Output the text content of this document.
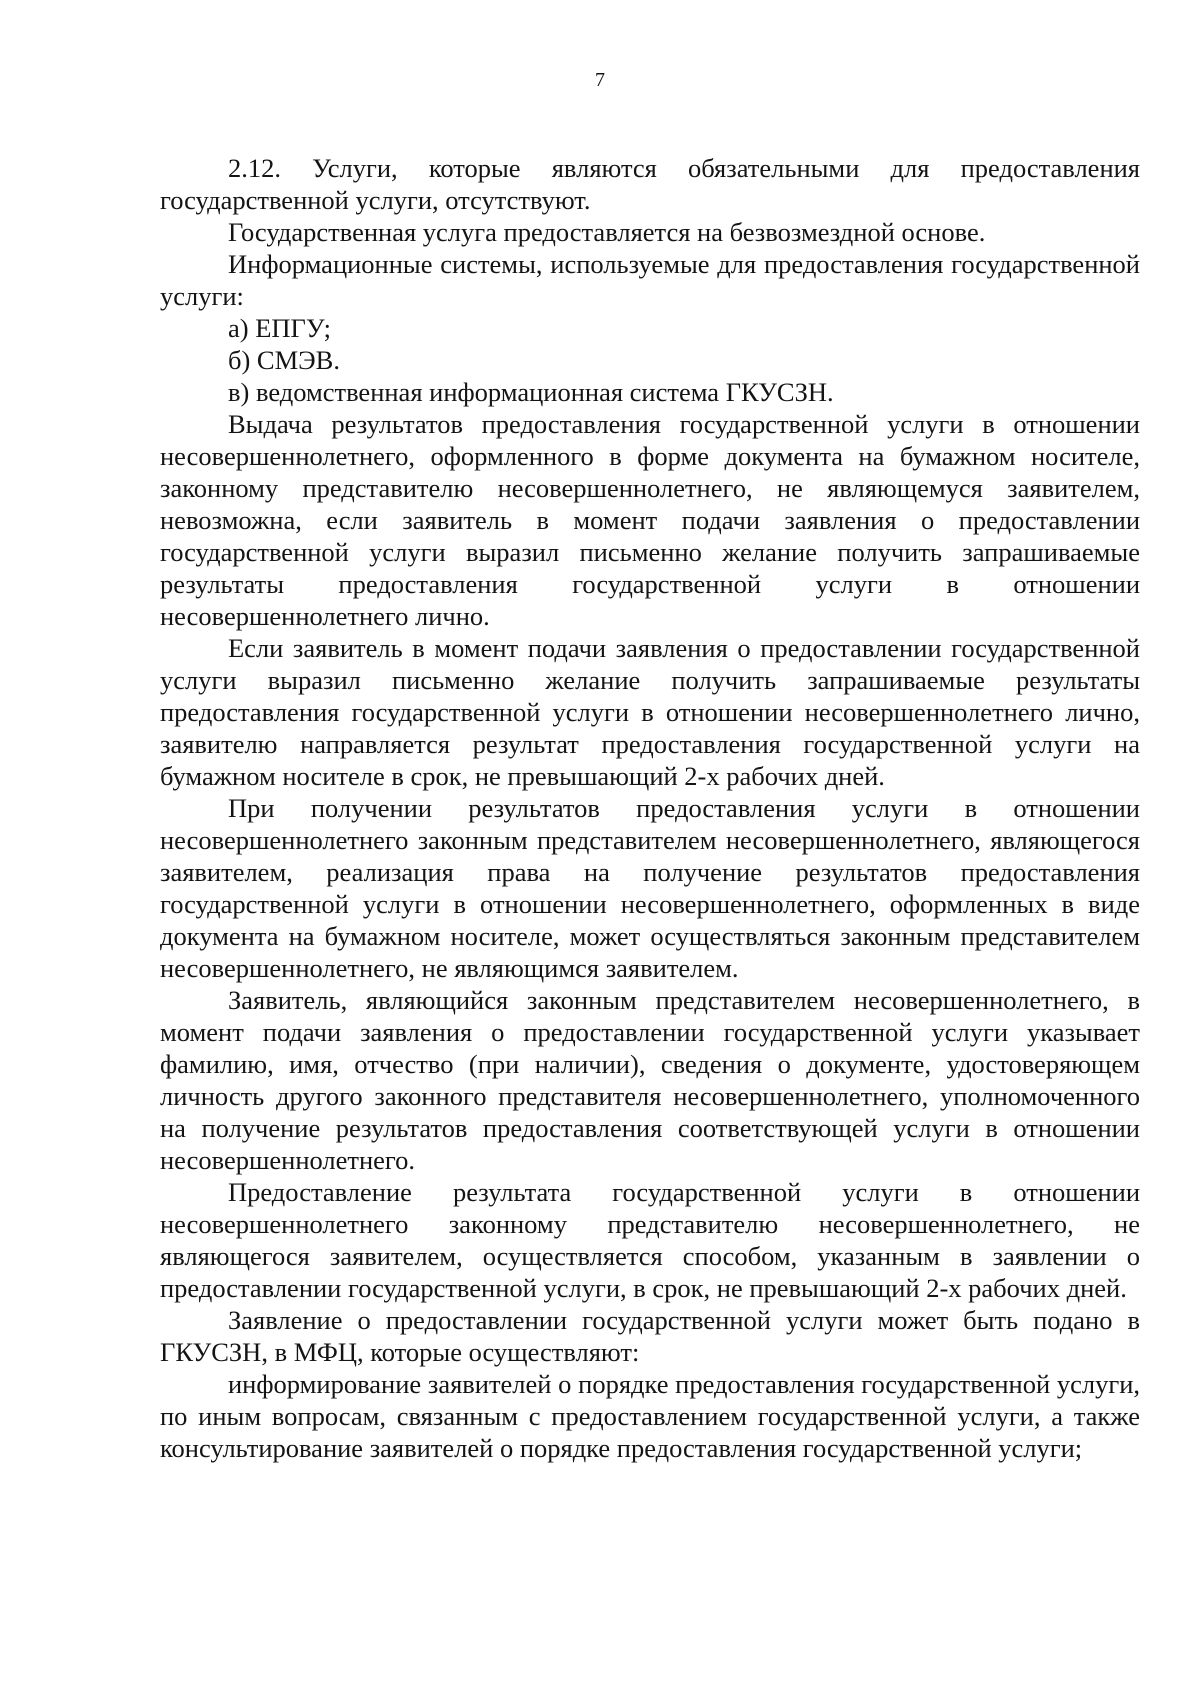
7

2.12. Услуги, которые являются обязательными для предоставления государственной услуги, отсутствуют.

Государственная услуга предоставляется на безвозмездной основе.

Информационные системы, используемые для предоставления государственной услуги:

а) ЕПГУ;

б) СМЭВ.

в) ведомственная информационная система ГКУСЗН.

Выдача результатов предоставления государственной услуги в отношении несовершеннолетнего, оформленного в форме документа на бумажном носителе, законному представителю несовершеннолетнего, не являющемуся заявителем, невозможна, если заявитель в момент подачи заявления о предоставлении государственной услуги выразил письменно желание получить запрашиваемые результаты предоставления государственной услуги в отношении несовершеннолетнего лично.

Если заявитель в момент подачи заявления о предоставлении государственной услуги выразил письменно желание получить запрашиваемые результаты предоставления государственной услуги в отношении несовершеннолетнего лично, заявителю направляется результат предоставления государственной услуги на бумажном носителе в срок, не превышающий 2-х рабочих дней.

При получении результатов предоставления услуги в отношении несовершеннолетнего законным представителем несовершеннолетнего, являющегося заявителем, реализация права на получение результатов предоставления государственной услуги в отношении несовершеннолетнего, оформленных в виде документа на бумажном носителе, может осуществляться законным представителем несовершеннолетнего, не являющимся заявителем.

Заявитель, являющийся законным представителем несовершеннолетнего, в момент подачи заявления о предоставлении государственной услуги указывает фамилию, имя, отчество (при наличии), сведения о документе, удостоверяющем личность другого законного представителя несовершеннолетнего, уполномоченного на получение результатов предоставления соответствующей услуги в отношении несовершеннолетнего.

Предоставление результата государственной услуги в отношении несовершеннолетнего законному представителю несовершеннолетнего, не являющегося заявителем, осуществляется способом, указанным в заявлении о предоставлении государственной услуги, в срок, не превышающий 2-х рабочих дней.

Заявление о предоставлении государственной услуги может быть подано в ГКУСЗН, в МФЦ, которые осуществляют:

информирование заявителей о порядке предоставления государственной услуги, по иным вопросам, связанным с предоставлением государственной услуги, а также консультирование заявителей о порядке предоставления государственной услуги;
